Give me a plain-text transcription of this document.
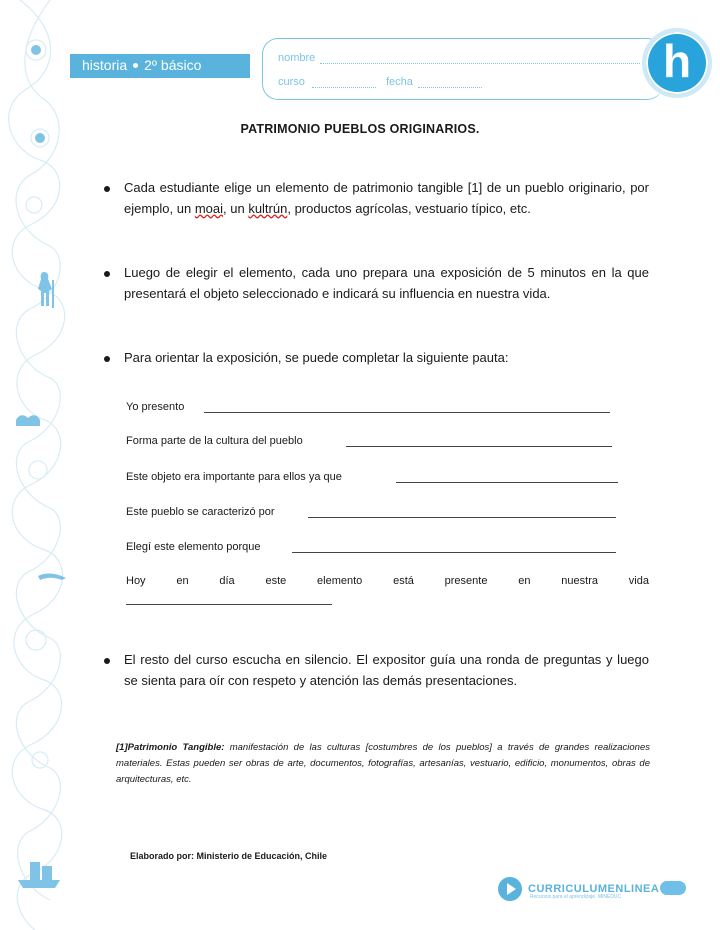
historia 2º básico	nombre
curso	fecha	h
PATRIMONIO PUEBLOS ORIGINARIOS.
Cada estudiante elige un elemento de patrimonio tangible [1] de un pueblo originario, por ejemplo, un moai, un kultrún, productos agrícolas, vestuario típico, etc.
Luego de elegir el elemento, cada uno prepara una exposición de 5 minutos en la que presentará el objeto seleccionado e indicará su influencia en nuestra vida.
Para orientar la exposición, se puede completar la siguiente pauta:
Yo presento
Forma parte de la cultura del pueblo
Este objeto era importante para ellos ya que
Este pueblo se caracterizó por
Elegí este elemento porque
Hoy	en	día	este	elemento	está	presente	en	nuestra	vida
El resto del curso escucha en silencio. El expositor guía una ronda de preguntas y luego se sienta para oír con respeto y atención las demás presentaciones.
[1]Patrimonio Tangible: manifestación de las culturas [costumbres de los pueblos] a través de grandes realizaciones materiales. Estas pueden ser obras de arte, documentos, fotografías, artesanías, vestuario, edificio, monumentos, obras de arquitecturas, etc.
Elaborado por: Ministerio de Educación, Chile
CURRICULUMENLINEA
Recursos para el aprendizaje. MINEDUC
